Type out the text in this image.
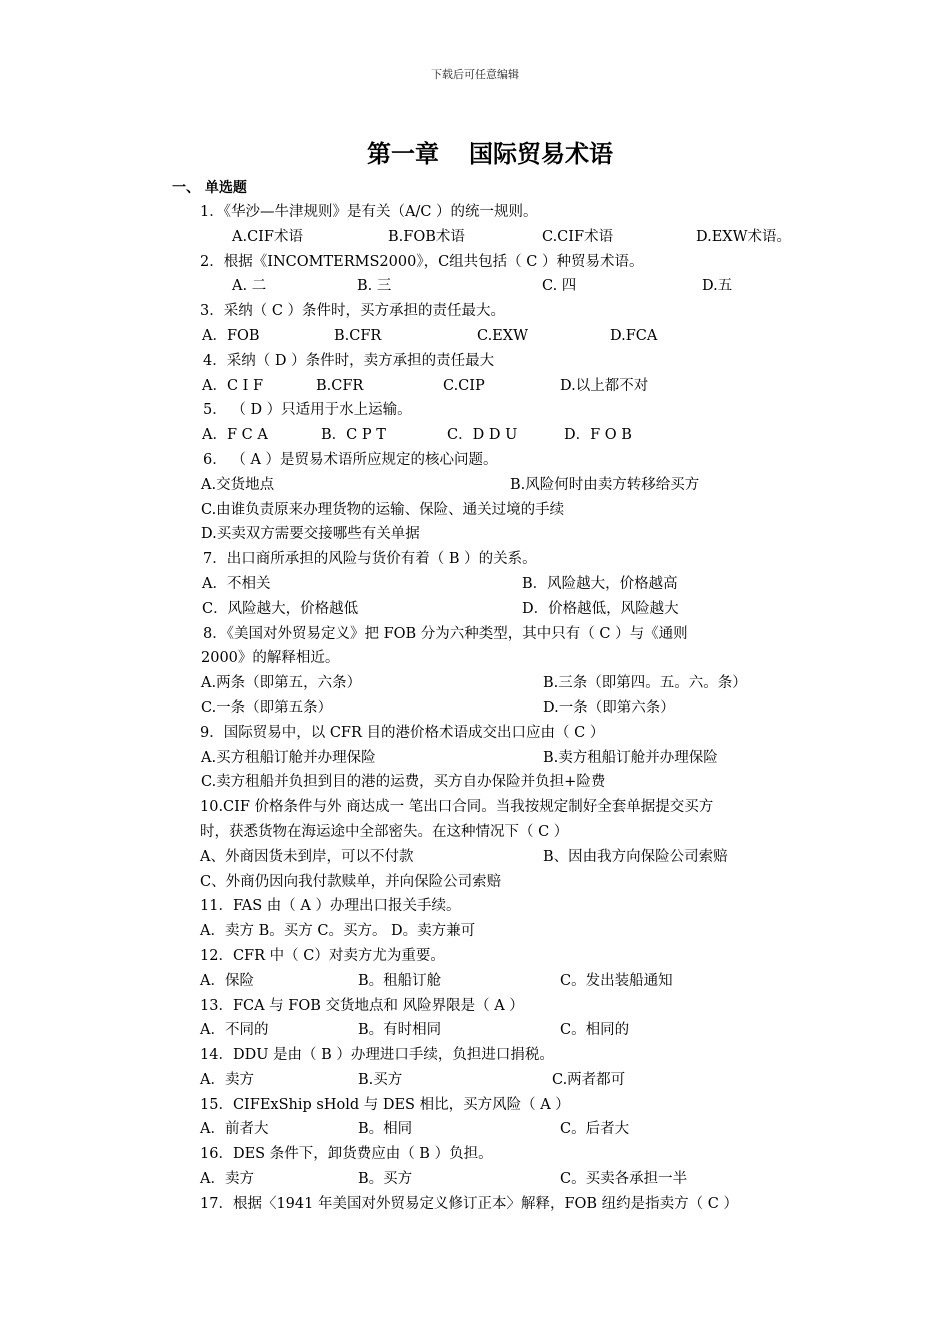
下载后可任意编辑
第一章 国际贸易术语
一、 单选题
1．《华沙—牛津规则》是有关（A/C ）的统一规则。
A.CIF术语	B.FOB术语	C.CIF术语	D.EXW术语。
2．根据《INCOMTERMS2000》，C组共包括（ C ）种贸易术语。
A. 二	B. 三	C. 四	D.五
3．采纳（ C ）条件时，买方承担的责任最大。
A．FOB	B.CFR	C.EXW	D.FCA
4．采纳（ D ）条件时，卖方承担的责任最大
A．C I F	B.CFR	C.CIP	D.以上都不对
5． （ D ）只适用于水上运输。
A．F C A	B．C P T	C．D D U	D．F O B
6． （ A ）是贸易术语所应规定的核心问题。
A.交货地点	B.风险何时由卖方转移给买方
C.由谁负责原来办理货物的运输、保险、通关过境的手续
D.买卖双方需要交接哪些有关单据
7．出口商所承担的风险与货价有着（ B ）的关系。
A．不相关	B．风险越大，价格越高
C．风险越大，价格越低	D．价格越低，风险越大
8．《美国对外贸易定义》把 FOB 分为六种类型，其中只有（ C ）与《通则
2000》的解释相近。
A.两条（即第五，六条）	B.三条（即第四。五。六。条）
C.一条（即第五条）	D.一条（即第六条）
9．国际贸易中，以 CFR 目的港价格术语成交出口应由（ C ）
A.买方租船订舱并办理保险	B.卖方租船订舱并办理保险
C.卖方租船并负担到目的港的运费，买方自办保险并负担+险费
10.CIF 价格条件与外 商达成一 笔出口合同。当我按规定制好全套单据提交买方
时，获悉货物在海运途中全部密失。在这种情况下（ C ）
A、外商因货未到岸，可以不付款	B、因由我方向保险公司索赔
C、外商仍因向我付款赎单，并向保险公司索赔
11．FAS 由（ A ）办理出口报关手续。
A．卖方 B。买方 C。买方。 D。卖方兼可
12．CFR 中（ C）对卖方尤为重要。
A．保险	B。租船订舱	C。发出装船通知
13．FCA 与 FOB 交货地点和 风险界限是（ A ）
A．不同的	B。有时相同	C。相同的
14．DDU 是由（ B ）办理进口手续，负担进口捐税。
A．卖方	B.买方	C.两者都可
15．CIFExShip sHold 与 DES 相比，买方风险（ A ）
A．前者大	B。相同	C。后者大
16．DES 条件下，卸货费应由（ B ）负担。
A．卖方	B。买方	C。买卖各承担一半
17．根据〈1941 年美国对外贸易定义修订正本〉解释，FOB 纽约是指卖方（ C ）
